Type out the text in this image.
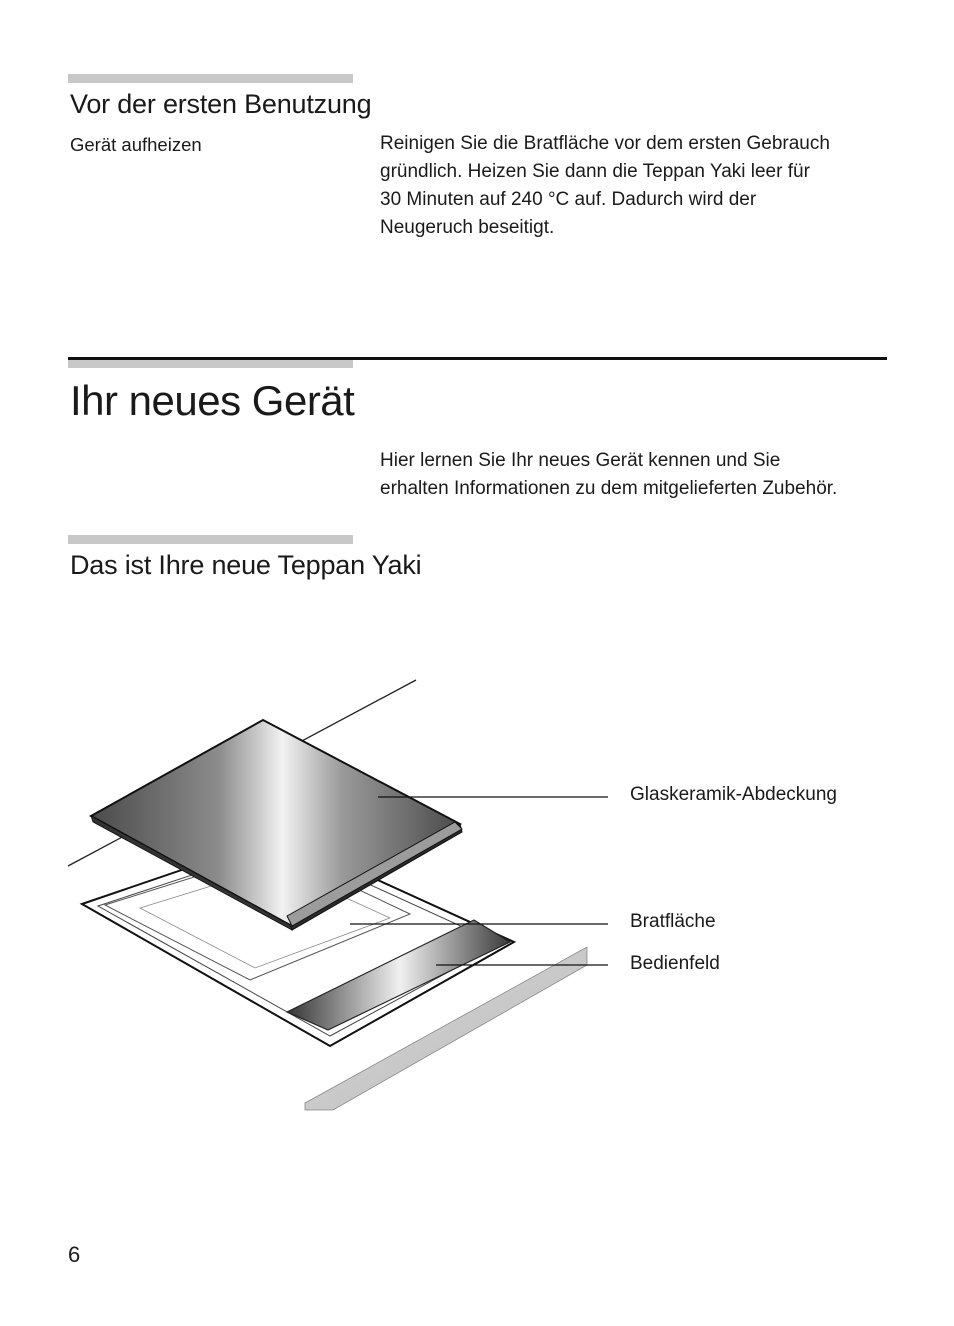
Vor der ersten Benutzung
Gerät aufheizen	Reinigen Sie die Bratfläche vor dem ersten Gebrauch
gründlich. Heizen Sie dann die Teppan Yaki leer für
30 Minuten auf 240 °C auf. Dadurch wird der
Neugeruch beseitigt.
Ihr neues Gerät
Hier lernen Sie Ihr neues Gerät kennen und Sie
erhalten Informationen zu dem mitgelieferten Zubehör.
Das ist Ihre neue Teppan Yaki
Glaskeramik-Abdeckung
Bratfläche
Bedienfeld
6
